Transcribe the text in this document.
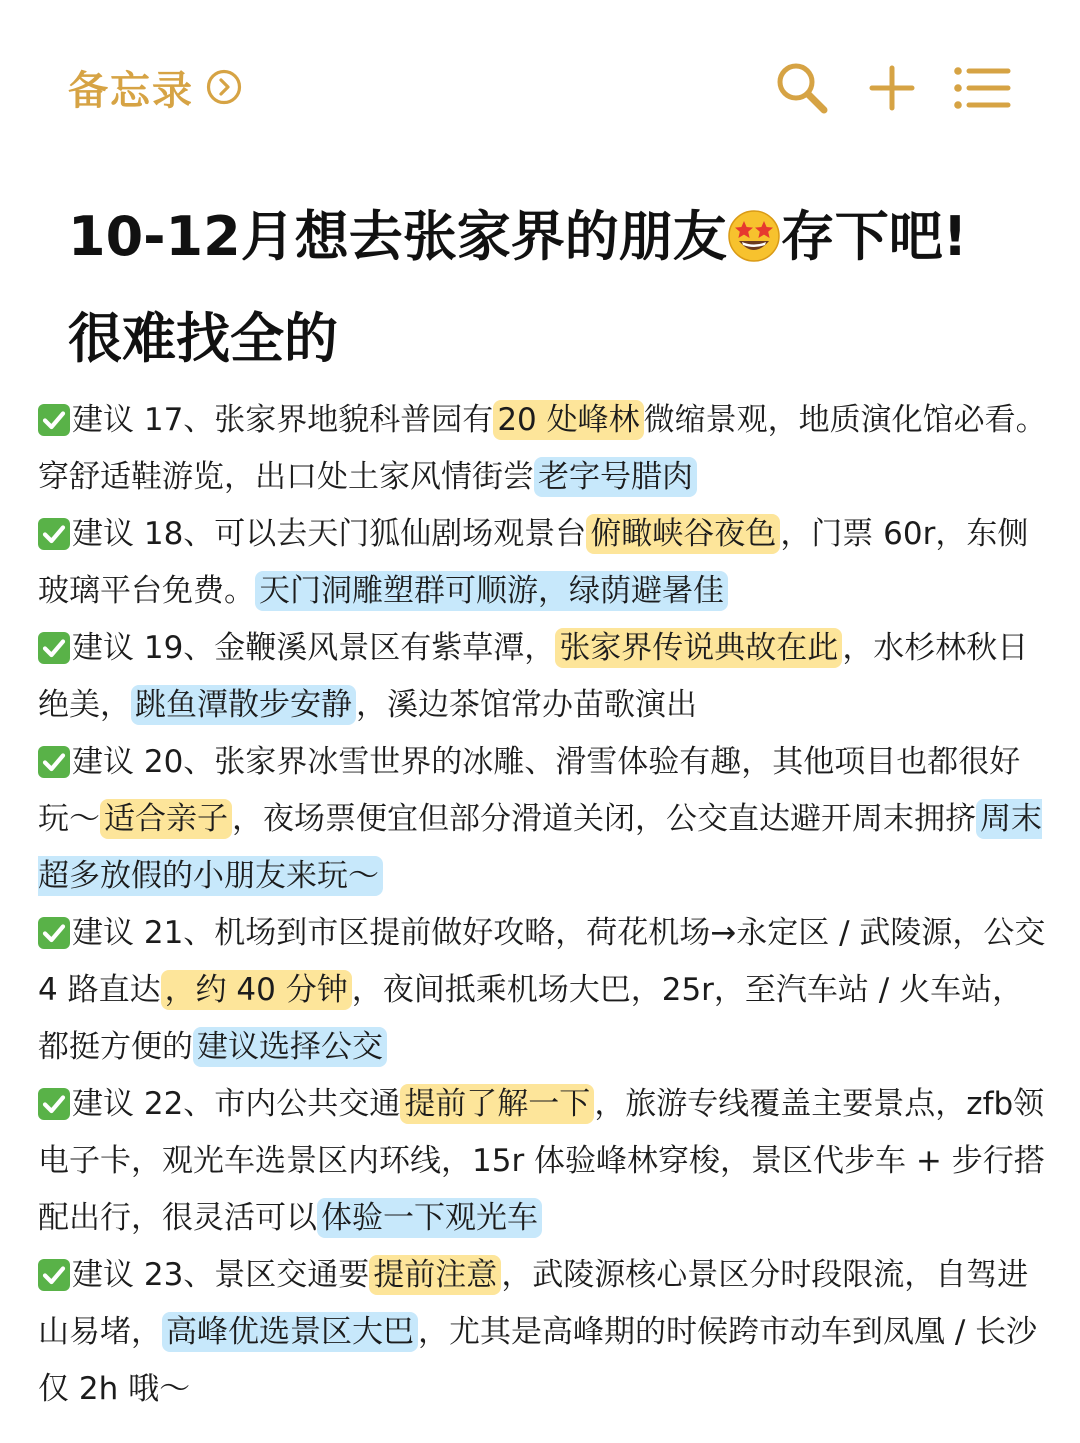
备忘录
10-12月想去张家界的朋友 存下吧!
很难找全的

建议 17、张家界地貌科普园有 20 处峰林 微缩景观，地质演化馆必看。穿舒适鞋游览，出口处土家风情街尝 老字号腊肉

建议 18、可以去天门狐仙剧场观景台 俯瞰峡谷夜色 ，门票 60r，东侧玻璃平台免费。 天门洞雕塑群可顺游，绿荫避暑佳

建议 19、金鞭溪风景区有紫草潭， 张家界传说典故在此 ，水杉林秋日绝美， 跳鱼潭散步安静 ，溪边茶馆常办苗歌演出

建议 20、张家界冰雪世界的冰雕、滑雪体验有趣，其他项目也都很好玩～ 适合亲子 ，夜场票便宜但部分滑道关闭，公交直达避开周末拥挤 周末超多放假的小朋友来玩～

建议 21、机场到市区提前做好攻略，荷花机场→永定区 / 武陵源，公交 4 路直达 ，约 40 分钟 ，夜间抵乘机场大巴，25r，至汽车站 / 火车站，都挺方便的 建议选择公交

建议 22、市内公共交通 提前了解一下 ，旅游专线覆盖主要景点，zfb领电子卡，观光车选景区内环线，15r 体验峰林穿梭，景区代步车 + 步行搭配出行，很灵活可以 体验一下观光车

建议 23、景区交通要 提前注意 ，武陵源核心景区分时段限流，自驾进山易堵， 高峰优选景区大巴 ，尤其是高峰期的时候跨市动车到凤凰 / 长沙仅 2h 哦～
